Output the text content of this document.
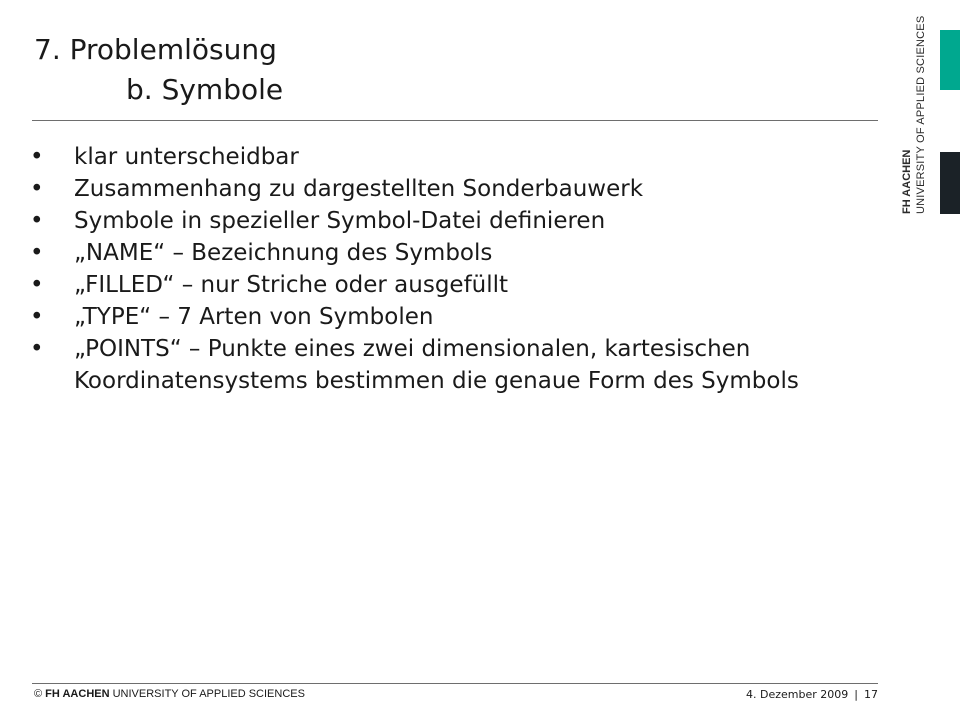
7. Problemlösung
b. Symbole
• klar unterscheidbar
• Zusammenhang zu dargestellten Sonderbauwerk
• Symbole in spezieller Symbol-Datei definieren
• „NAME“ – Bezeichnung des Symbols
• „FILLED“ – nur Striche oder ausgefüllt
• „TYPE“ – 7 Arten von Symbolen
• „POINTS“ – Punkte eines zwei dimensionalen, kartesischen Koordinatensystems bestimmen die genaue Form des Symbols
FH AACHEN UNIVERSITY OF APPLIED SCIENCES
© FH AACHEN UNIVERSITY OF APPLIED SCIENCES	4. Dezember 2009 | 17
